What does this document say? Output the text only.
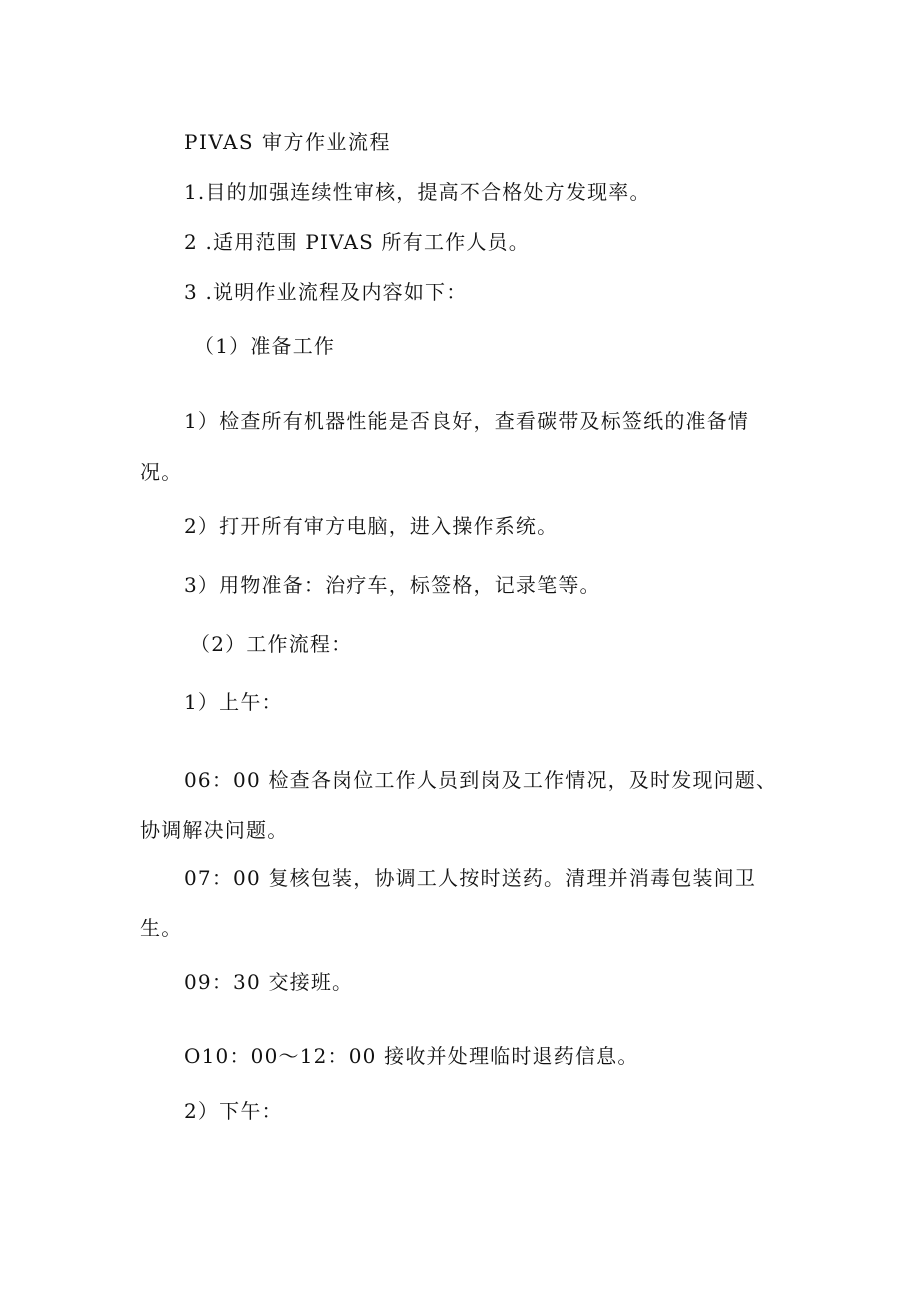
PIVAS 审方作业流程
1.目的加强连续性审核，提高不合格处方发现率。
2 .适用范围 PIVAS 所有工作人员。
3 .说明作业流程及内容如下：
（1）准备工作
1）检查所有机器性能是否良好，查看碳带及标签纸的准备情
况。
2）打开所有审方电脑，进入操作系统。
3）用物准备：治疗车，标签格，记录笔等。
（2）工作流程：
1）上午：
06：00 检查各岗位工作人员到岗及工作情况，及时发现问题、
协调解决问题。
07：00 复核包装，协调工人按时送药。清理并消毒包装间卫
生。
09：30 交接班。
O10：00～12：00 接收并处理临时退药信息。
2）下午：
